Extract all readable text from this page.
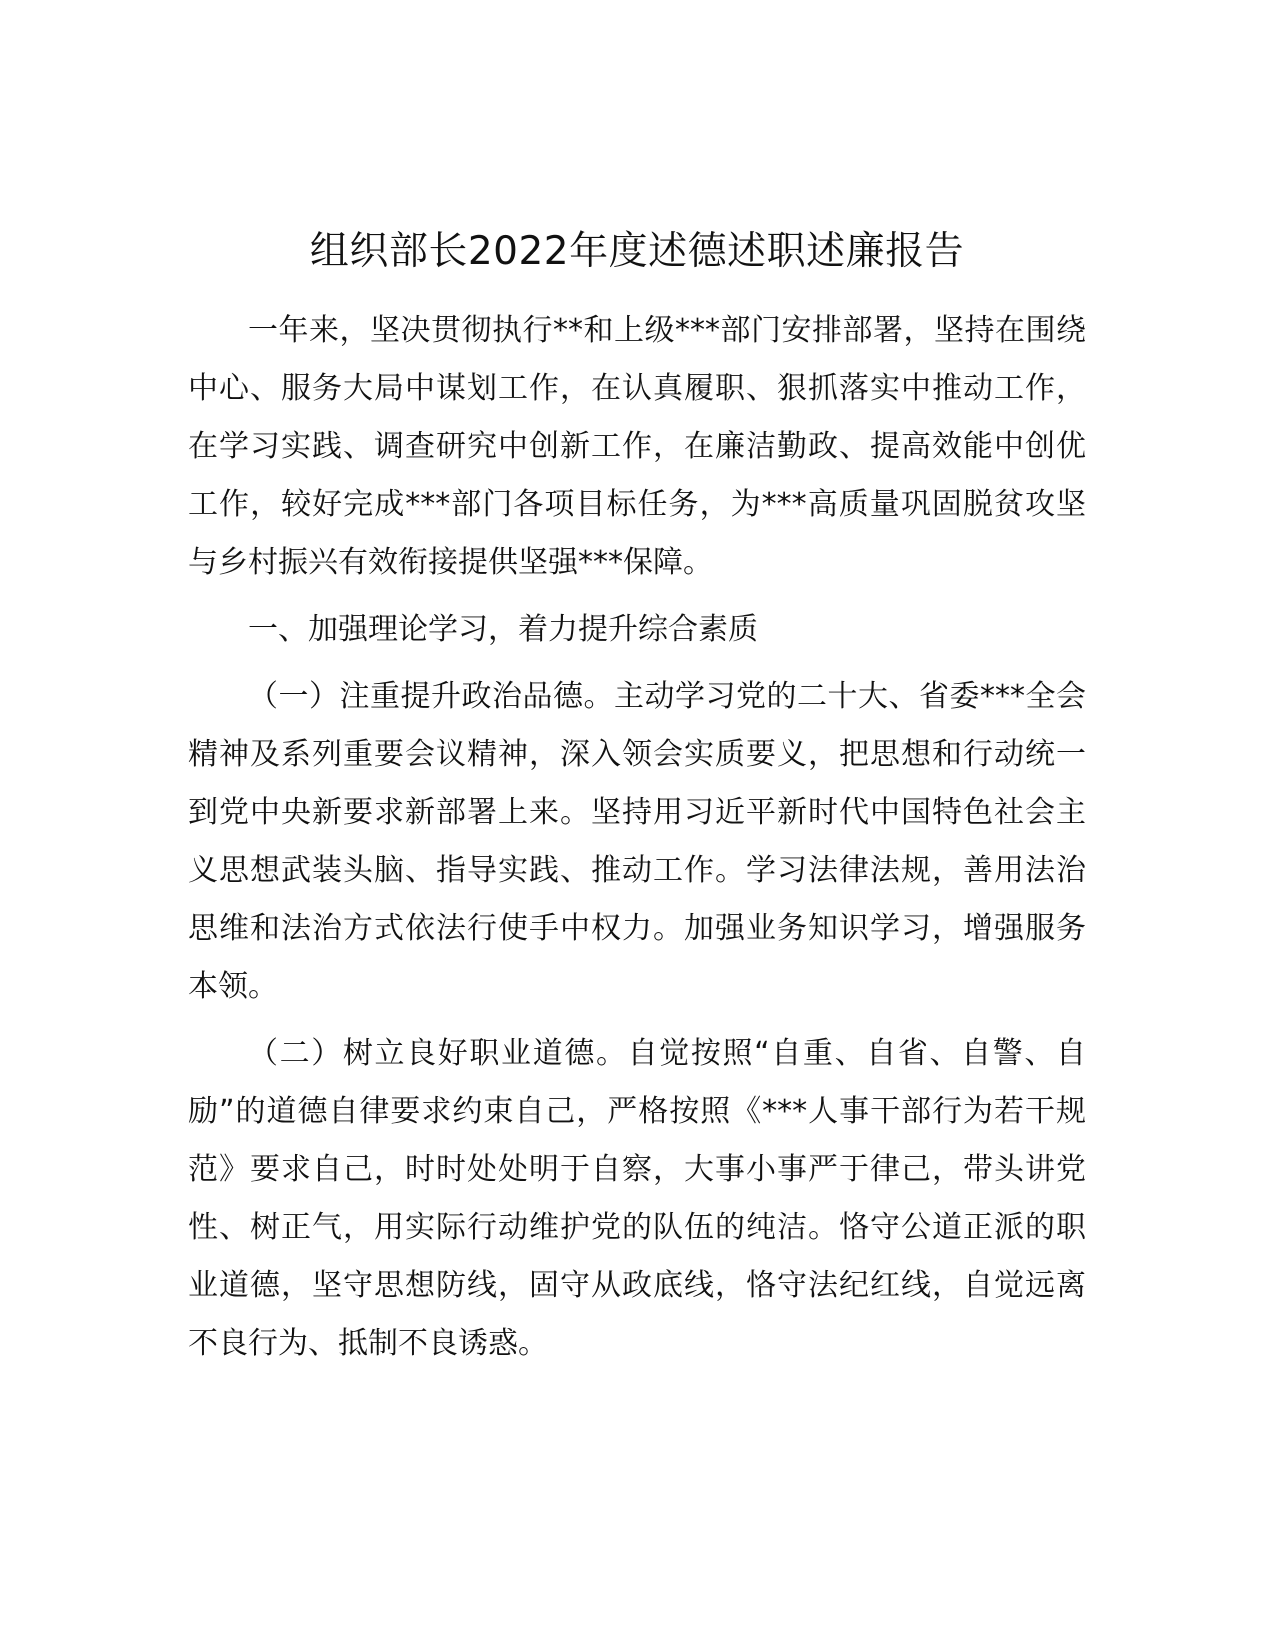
组织部长2022年度述德述职述廉报告

一年来，坚决贯彻执行**和上级***部门安排部署，坚持在围绕中心、服务大局中谋划工作，在认真履职、狠抓落实中推动工作，在学习实践、调查研究中创新工作，在廉洁勤政、提高效能中创优工作，较好完成***部门各项目标任务，为***高质量巩固脱贫攻坚与乡村振兴有效衔接提供坚强***保障。

一、加强理论学习，着力提升综合素质

（一）注重提升政治品德。主动学习党的二十大、省委***全会精神及系列重要会议精神，深入领会实质要义，把思想和行动统一到党中央新要求新部署上来。坚持用习近平新时代中国特色社会主义思想武装头脑、指导实践、推动工作。学习法律法规，善用法治思维和法治方式依法行使手中权力。加强业务知识学习，增强服务本领。

（二）树立良好职业道德。自觉按照“自重、自省、自警、自励”的道德自律要求约束自己，严格按照《***人事干部行为若干规范》要求自己，时时处处明于自察，大事小事严于律己，带头讲党性、树正气，用实际行动维护党的队伍的纯洁。恪守公道正派的职业道德，坚守思想防线，固守从政底线，恪守法纪红线，自觉远离不良行为、抵制不良诱惑。
